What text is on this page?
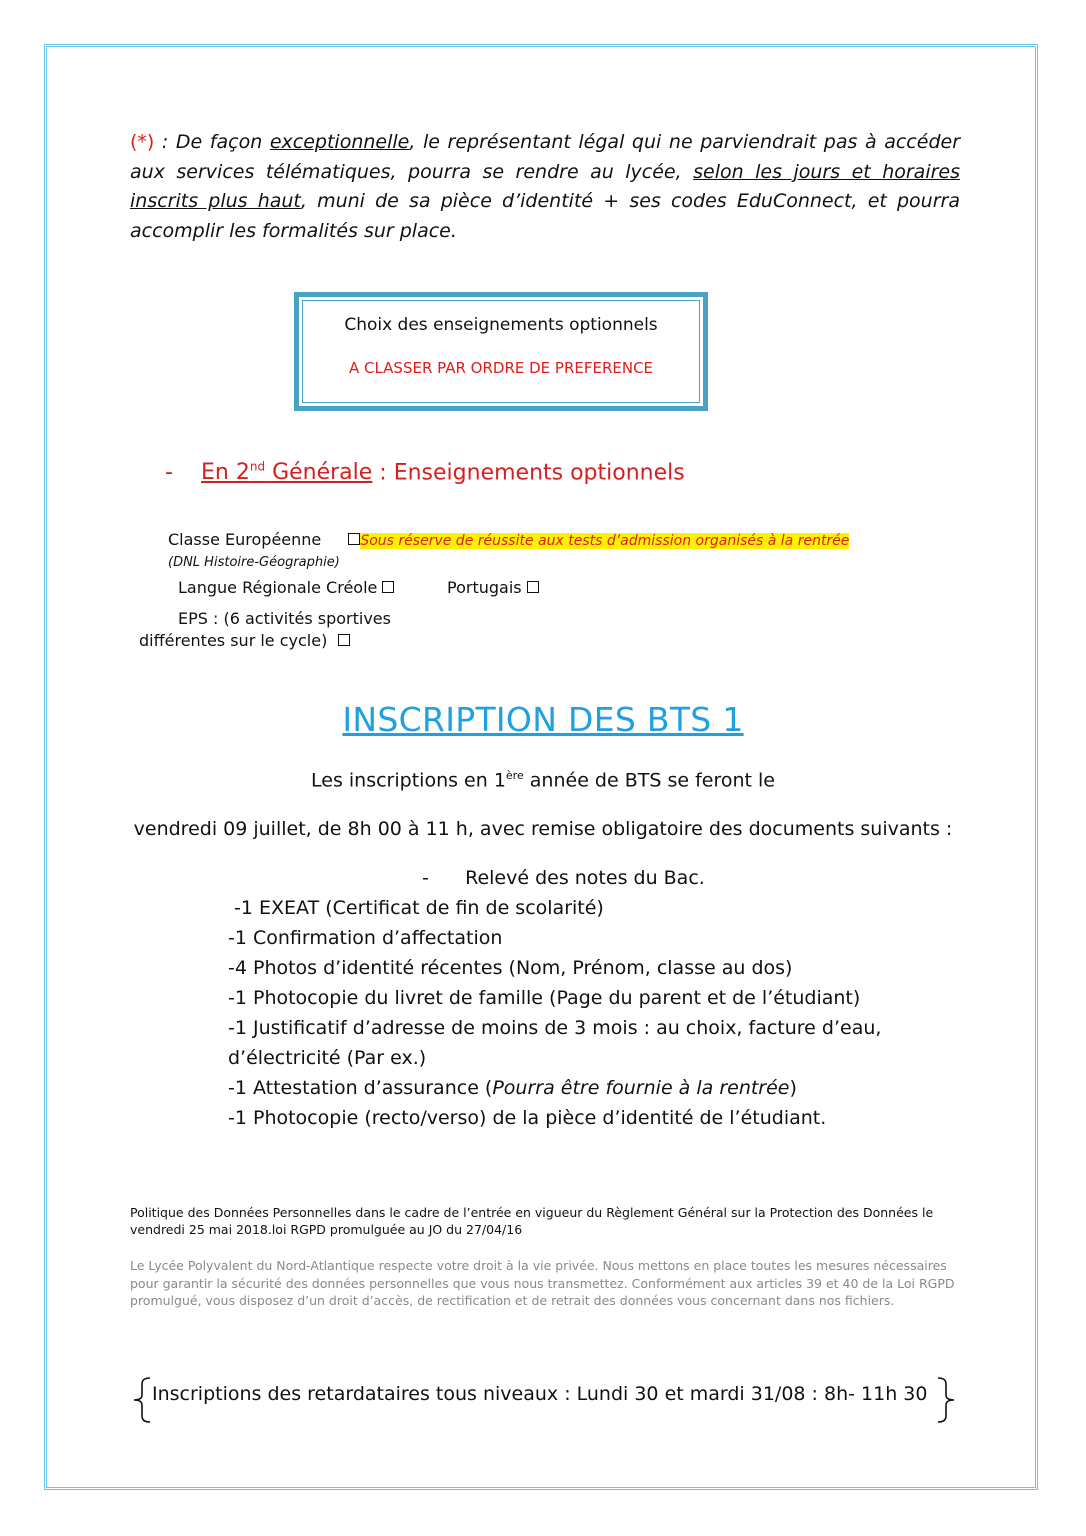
(*) : De façon exceptionnelle, le représentant légal qui ne parviendrait pas à accéder aux services télématiques, pourra se rendre au lycée, selon les jours et horaires inscrits plus haut, muni de sa pièce d’identité + ses codes EduConnect, et pourra accomplir les formalités sur place.
Choix des enseignements optionnels
A CLASSER PAR ORDRE DE PREFERENCE
- En 2nd Générale : Enseignements optionnels
Classe Européenne	Sous réserve de réussite aux tests d’admission organisés à la rentrée
(DNL Histoire-Géographie)
Langue Régionale Créole	Portugais
EPS : (6 activités sportives
différentes sur le cycle)
INSCRIPTION DES BTS 1
Les inscriptions en 1ère année de BTS se feront le
vendredi 09 juillet, de 8h 00 à 11 h, avec remise obligatoire des documents suivants :
-      Relevé des notes du Bac.
-1 EXEAT (Certificat de fin de scolarité)
-1 Confirmation d’affectation
-4 Photos d’identité récentes (Nom, Prénom, classe au dos)
-1 Photocopie du livret de famille (Page du parent et de l’étudiant)
-1 Justificatif d’adresse de moins de 3 mois : au choix, facture d’eau,
d’électricité (Par ex.)
-1 Attestation d’assurance (Pourra être fournie à la rentrée)
-1 Photocopie (recto/verso) de la pièce d’identité de l’étudiant.
Politique des Données Personnelles dans le cadre de l’entrée en vigueur du Règlement Général sur la Protection des Données le vendredi 25 mai 2018.loi RGPD promulguée au JO du 27/04/16
Le Lycée Polyvalent du Nord-Atlantique respecte votre droit à la vie privée. Nous mettons en place toutes les mesures nécessaires pour garantir la sécurité des données personnelles que vous nous transmettez. Conformément aux articles 39 et 40 de la Loi RGPD promulgué, vous disposez d’un droit d’accès, de rectification et de retrait des données vous concernant dans nos fichiers.
Inscriptions des retardataires tous niveaux : Lundi 30 et mardi 31/08 : 8h- 11h 30
